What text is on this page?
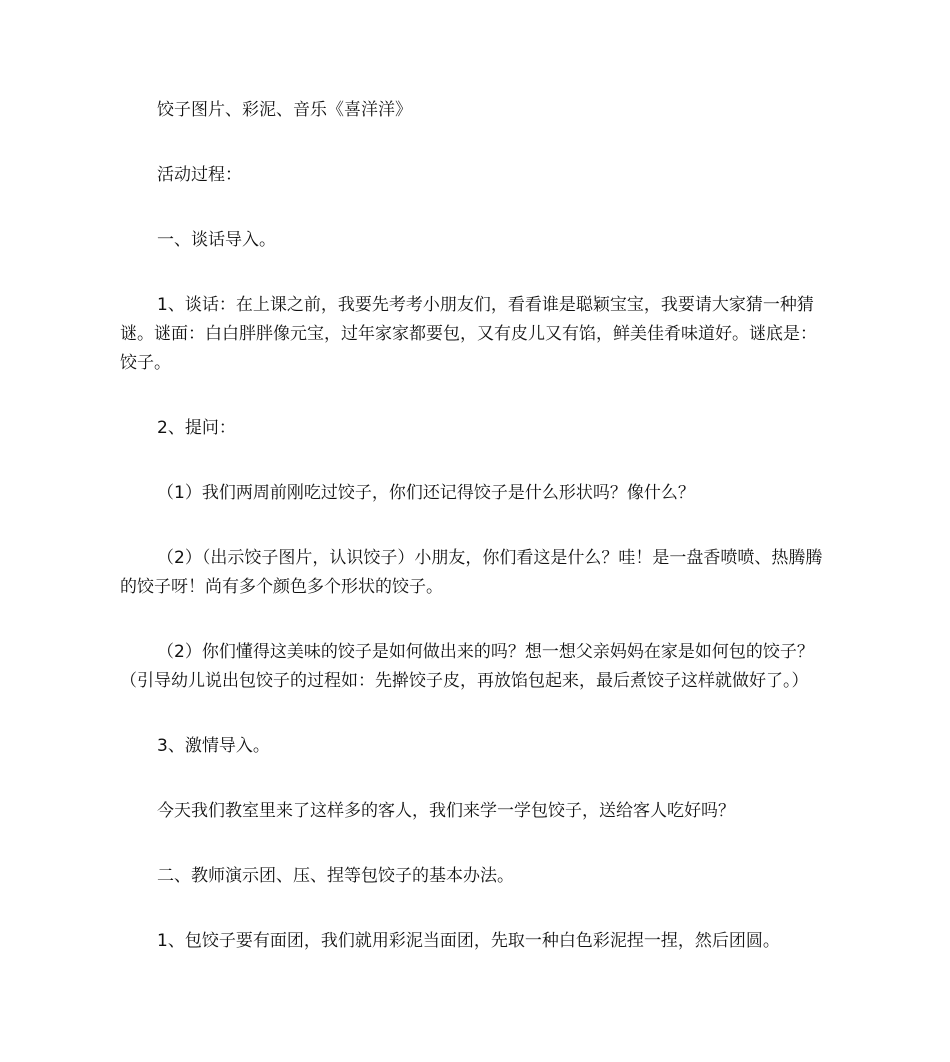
饺子图片、彩泥、音乐《喜洋洋》

活动过程：

一、谈话导入。

1、谈话：在上课之前，我要先考考小朋友们，看看谁是聪颖宝宝，我要请大家猜一种猜谜。谜面：白白胖胖像元宝，过年家家都要包，又有皮儿又有馅，鲜美佳肴味道好。谜底是：饺子。

2、提问：

（1）我们两周前刚吃过饺子，你们还记得饺子是什么形状吗？像什么？

（2）（出示饺子图片，认识饺子）小朋友，你们看这是什么？哇！是一盘香喷喷、热腾腾的饺子呀！尚有多个颜色多个形状的饺子。

（2）你们懂得这美味的饺子是如何做出来的吗？想一想父亲妈妈在家是如何包的饺子？（引导幼儿说出包饺子的过程如：先擀饺子皮，再放馅包起来，最后煮饺子这样就做好了。）

3、激情导入。

今天我们教室里来了这样多的客人，我们来学一学包饺子，送给客人吃好吗？

二、教师演示团、压、捏等包饺子的基本办法。

1、包饺子要有面团，我们就用彩泥当面团，先取一种白色彩泥捏一捏，然后团圆。
